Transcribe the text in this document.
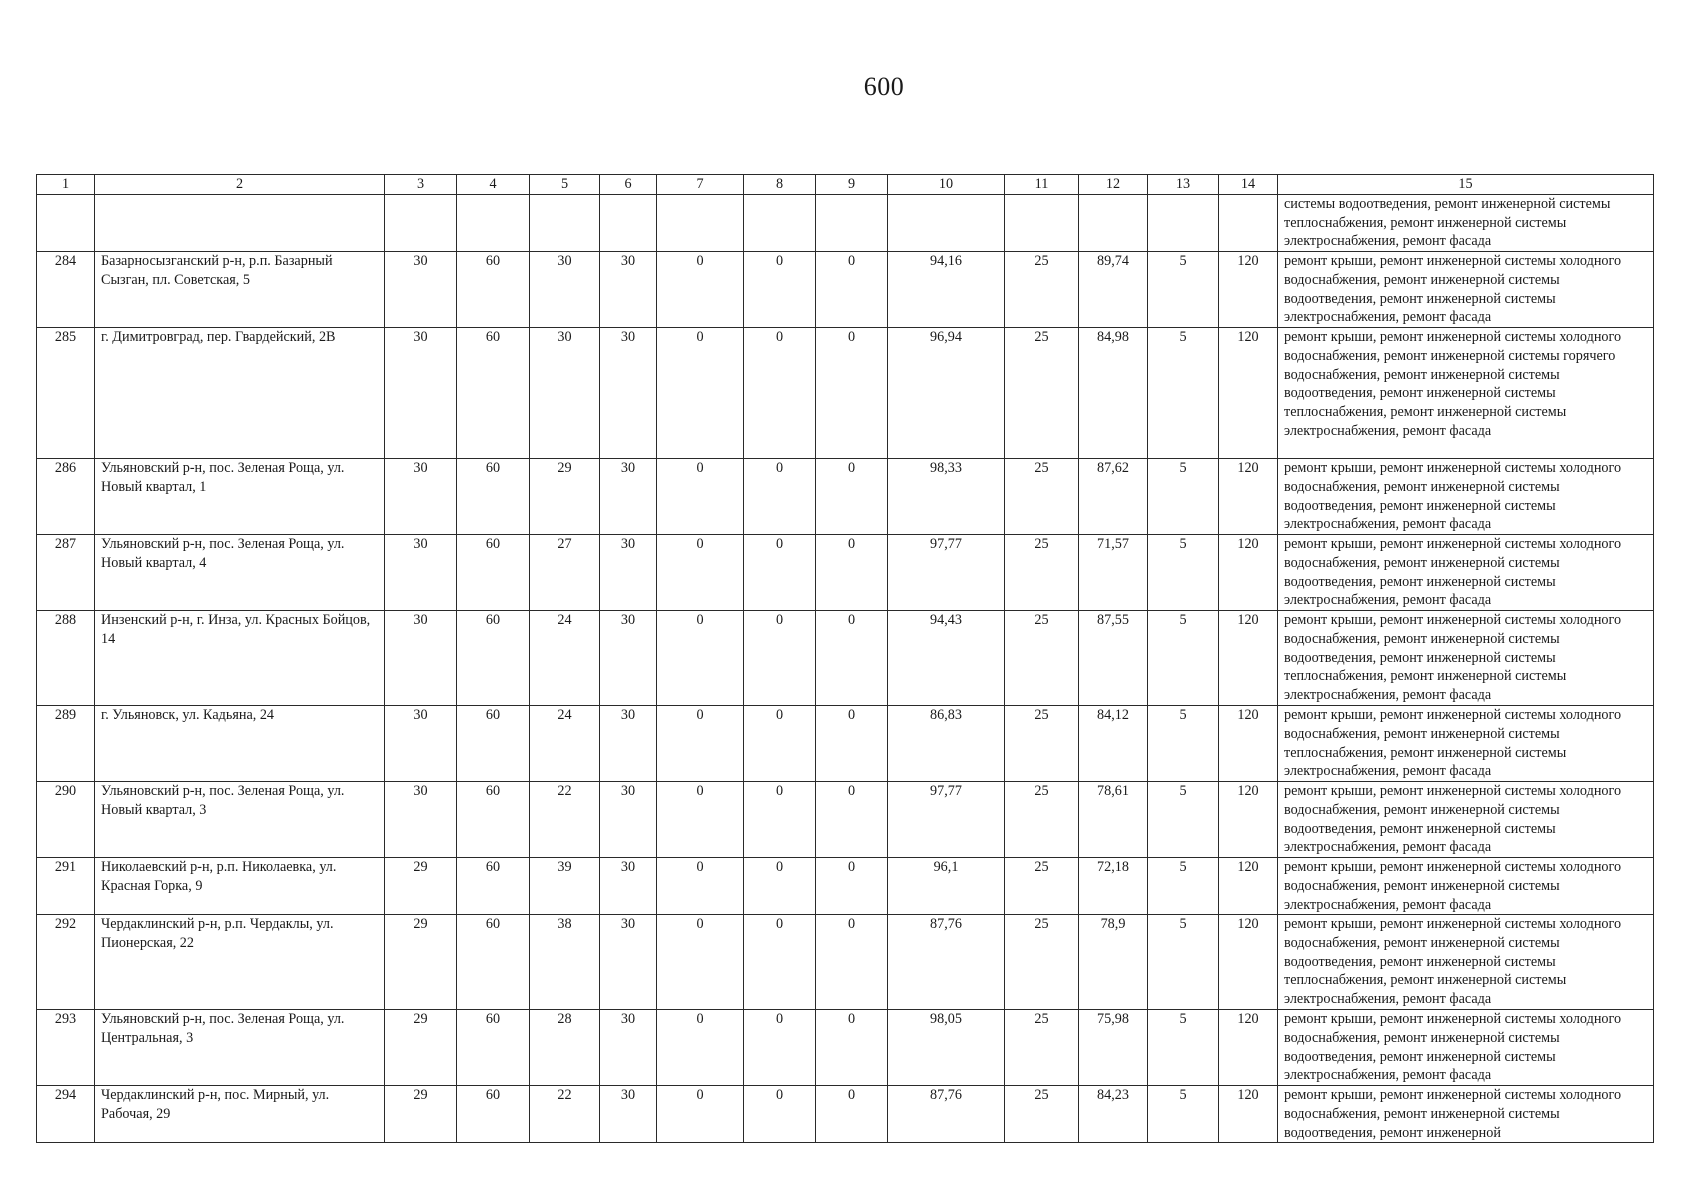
600
1	2	3	4	5	6	7	8	9	10	11	12	13	14	15
														системы водоотведения, ремонт инженерной системы теплоснабжения, ремонт инженерной системы электроснабжения, ремонт фасада
284	Базарносызганский р-н, р.п. Базарный Сызган, пл. Советская, 5	30	60	30	30	0	0	0	94,16	25	89,74	5	120	ремонт крыши, ремонт инженерной системы холодного водоснабжения, ремонт инженерной системы водоотведения, ремонт инженерной системы электроснабжения, ремонт фасада
285	г. Димитровград, пер. Гвардейский, 2В	30	60	30	30	0	0	0	96,94	25	84,98	5	120	ремонт крыши, ремонт инженерной системы холодного водоснабжения, ремонт инженерной системы горячего водоснабжения, ремонт инженерной системы водоотведения, ремонт инженерной системы теплоснабжения, ремонт инженерной системы электроснабжения, ремонт фасада
286	Ульяновский р-н, пос. Зеленая Роща, ул. Новый квартал, 1	30	60	29	30	0	0	0	98,33	25	87,62	5	120	ремонт крыши, ремонт инженерной системы холодного водоснабжения, ремонт инженерной системы водоотведения, ремонт инженерной системы электроснабжения, ремонт фасада
287	Ульяновский р-н, пос. Зеленая Роща, ул. Новый квартал, 4	30	60	27	30	0	0	0	97,77	25	71,57	5	120	ремонт крыши, ремонт инженерной системы холодного водоснабжения, ремонт инженерной системы водоотведения, ремонт инженерной системы электроснабжения, ремонт фасада
288	Инзенский р-н, г. Инза, ул. Красных Бойцов, 14	30	60	24	30	0	0	0	94,43	25	87,55	5	120	ремонт крыши, ремонт инженерной системы холодного водоснабжения, ремонт инженерной системы водоотведения, ремонт инженерной системы теплоснабжения, ремонт инженерной системы электроснабжения, ремонт фасада
289	г. Ульяновск, ул. Кадьяна, 24	30	60	24	30	0	0	0	86,83	25	84,12	5	120	ремонт крыши, ремонт инженерной системы холодного водоснабжения, ремонт инженерной системы теплоснабжения, ремонт инженерной системы электроснабжения, ремонт фасада
290	Ульяновский р-н, пос. Зеленая Роща, ул. Новый квартал, 3	30	60	22	30	0	0	0	97,77	25	78,61	5	120	ремонт крыши, ремонт инженерной системы холодного водоснабжения, ремонт инженерной системы водоотведения, ремонт инженерной системы электроснабжения, ремонт фасада
291	Николаевский р-н, р.п. Николаевка, ул. Красная Горка, 9	29	60	39	30	0	0	0	96,1	25	72,18	5	120	ремонт крыши, ремонт инженерной системы холодного водоснабжения, ремонт инженерной системы электроснабжения, ремонт фасада
292	Чердаклинский р-н, р.п. Чердаклы, ул. Пионерская, 22	29	60	38	30	0	0	0	87,76	25	78,9	5	120	ремонт крыши, ремонт инженерной системы холодного водоснабжения, ремонт инженерной системы водоотведения, ремонт инженерной системы теплоснабжения, ремонт инженерной системы электроснабжения, ремонт фасада
293	Ульяновский р-н, пос. Зеленая Роща, ул. Центральная, 3	29	60	28	30	0	0	0	98,05	25	75,98	5	120	ремонт крыши, ремонт инженерной системы холодного водоснабжения, ремонт инженерной системы водоотведения, ремонт инженерной системы электроснабжения, ремонт фасада
294	Чердаклинский р-н, пос. Мирный, ул. Рабочая, 29	29	60	22	30	0	0	0	87,76	25	84,23	5	120	ремонт крыши, ремонт инженерной системы холодного водоснабжения, ремонт инженерной системы водоотведения, ремонт инженерной
